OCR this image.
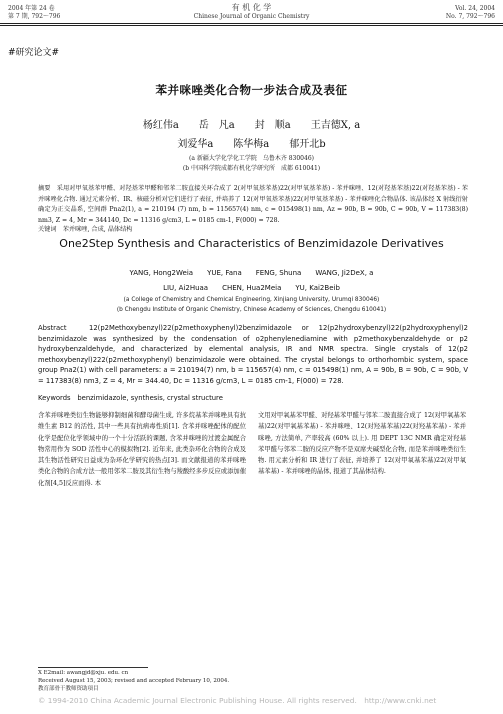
2004 年第 24 卷
第 7 期, 792～796
有 机 化 学
Chinese Journal of Organic Chemistry
Vol. 24, 2004
No. 7, 792～796
#研究论文#
苯并咪唑类化合物一步法合成及表征
杨红伟a　　岳　凡a　　封　顺a　　王吉德X, a
刘爱华a　　陈华梅a　　郁开北b
(a 新疆大学化学化工学院　乌鲁木齐 830046)
(b 中国科学院成都有机化学研究所　成都 610041)
摘要　采用对甲氧基苯甲醛、对羟基苯甲醛和邻苯二胺直接关环合成了 2(对甲氧基苯基)22(对甲氧基苯基) - 苯并咪唑、12(对羟基苯基)22(对羟基苯基) - 苯并咪唑化合物. 通过元素分析、IR、核磁分析对它们进行了表征, 并培养了 12(对甲氧基苯基)22(对甲氧基苯基) - 苯并咪唑化合物晶体. 该晶体经 X 射线衍射确定为正交晶系, 空间群 Pna2(1), a = 210194 (7) nm, b = 115657(4) nm, c = 015498(1) nm, Az = 90b, B = 90b, C = 90b, V = 117383(8) nm3, Z = 4, Mr = 344140, Dc = 11316 g/cm3, L = 0185 cm-1, F(000) = 728.
关键词　苯并咪唑, 合成, 晶体结构
One2Step Synthesis and Characteristics of Benzimidazole Derivatives
YANG, Hong2Weia　　YUE, Fana　　FENG, Shuna　　WANG, Ji2DeX, a
LIU, Ai2Huaa　　CHEN, Hua2Meia　　YU, Kai2Beib
(a College of Chemistry and Chemical Engineering, Xinjiang University, Urumqi 830046)
(b Chengdu Institute of Organic Chemistry, Chinese Academy of Sciences, Chengdu 610041)
Abstract　12(p2Methoxybenzyl)22(p2methoxyphenyl)2benzimidazole or 12(p2hydroxybenzyl)22(p2hydroxyphenyl)2 benzimidazole was synthesized by the condensation of o2phenylenediamine with p2methoxybenzaldehyde or p2 hydroxybenzaldehyde, and characterized by elemental analysis, IR and NMR spectra. Single crystals of 12(p2 methoxybenzyl)222(p2methoxyphenyl) benzimidazole were obtained. The crystal belongs to orthorhombic system, space group Pna2(1) with cell parameters: a = 210194(7) nm, b = 115657(4) nm, c = 015498(1) nm, A = 90b, B = 90b, C = 90b, V = 117383(8) nm3, Z = 4, Mr = 344.40, Dc = 11316 g/cm3, L = 0185 cm-1, F(000) = 728.
Keywords　benzimidazole, synthesis, crystal structure
含苯并咪唑类衍生物能够抑制细菌和酵母菌生成, 许多烷基苯并咪唑具有抗维生素 B12 的活性, 其中一些具有抗病毒性质[1]. 含苯并咪唑配体的配位化学是配位化学领域中的一个十分活跃的课题, 含苯并咪唑的过渡金属配合物常用作为 SOD 活性中心的模拟物[2]. 近年来, 此类杂环化合物的合成及其生物活性研究日益成为杂环化学研究的热点[3]. 而文献报道的苯并咪唑类化合物的合成方法一般用邻苯二胺及其衍生物与羧酸经多步反应或添加催化剂[4,5]反应而得. 本
文用对甲氧基苯甲醛、对羟基苯甲醛与邻苯二胺直接合成了 12(对甲氧基苯基)22(对甲氧基苯基) - 苯并咪唑、12(对羟基苯基)22(对羟基苯基) - 苯并咪唑, 方法简单, 产率较高 (60% 以上). 用 DEPT 13C NMR 确定对羟基苯甲醛与邻苯二胺的反应产物不是双席夫碱型化合物, 而是苯并咪唑类衍生物. 用元素分析和 IR 进行了表征, 并培养了 12(对甲氧基苯基)22(对甲氧基苯基) - 苯并咪唑的晶体, 报道了其晶体结构.
X E2mail: awangjd@xju. edu. cn
Received August 15, 2003; revised and accepted February 10, 2004.
教育部骨干教师资助项目
© 1994-2010 China Academic Journal Electronic Publishing House. All rights reserved.　http://www.cnki.net
